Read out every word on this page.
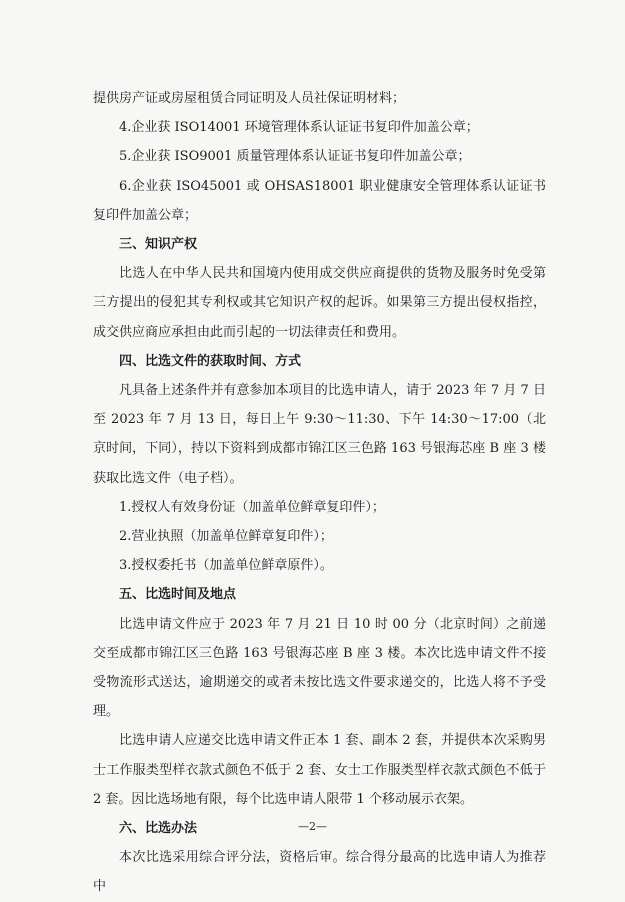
提供房产证或房屋租赁合同证明及人员社保证明材料；

4.企业获 ISO14001 环境管理体系认证证书复印件加盖公章；

5.企业获 ISO9001 质量管理体系认证证书复印件加盖公章；

6.企业获 ISO45001 或 OHSAS18001 职业健康安全管理体系认证证书复印件加盖公章；

三、知识产权

比选人在中华人民共和国境内使用成交供应商提供的货物及服务时免受第三方提出的侵犯其专利权或其它知识产权的起诉。如果第三方提出侵权指控，成交供应商应承担由此而引起的一切法律责任和费用。

四、比选文件的获取时间、方式

凡具备上述条件并有意参加本项目的比选申请人，请于 2023 年 7 月 7 日至 2023 年 7 月 13 日，每日上午 9:30～11:30、下午 14:30～17:00（北京时间，下同），持以下资料到成都市锦江区三色路 163 号银海芯座 B 座 3 楼获取比选文件（电子档）。

1.授权人有效身份证（加盖单位鲜章复印件）；

2.营业执照（加盖单位鲜章复印件）；

3.授权委托书（加盖单位鲜章原件）。

五、比选时间及地点

比选申请文件应于 2023 年 7 月 21 日 10 时 00 分（北京时间）之前递交至成都市锦江区三色路 163 号银海芯座 B 座 3 楼。本次比选申请文件不接受物流形式送达，逾期递交的或者未按比选文件要求递交的，比选人将不予受理。

比选申请人应递交比选申请文件正本 1 套、副本 2 套，并提供本次采购男士工作服类型样衣款式颜色不低于 2 套、女士工作服类型样衣款式颜色不低于 2 套。因比选场地有限，每个比选申请人限带 1 个移动展示衣架。

六、比选办法

本次比选采用综合评分法，资格后审。综合得分最高的比选申请人为推荐中

—2—
